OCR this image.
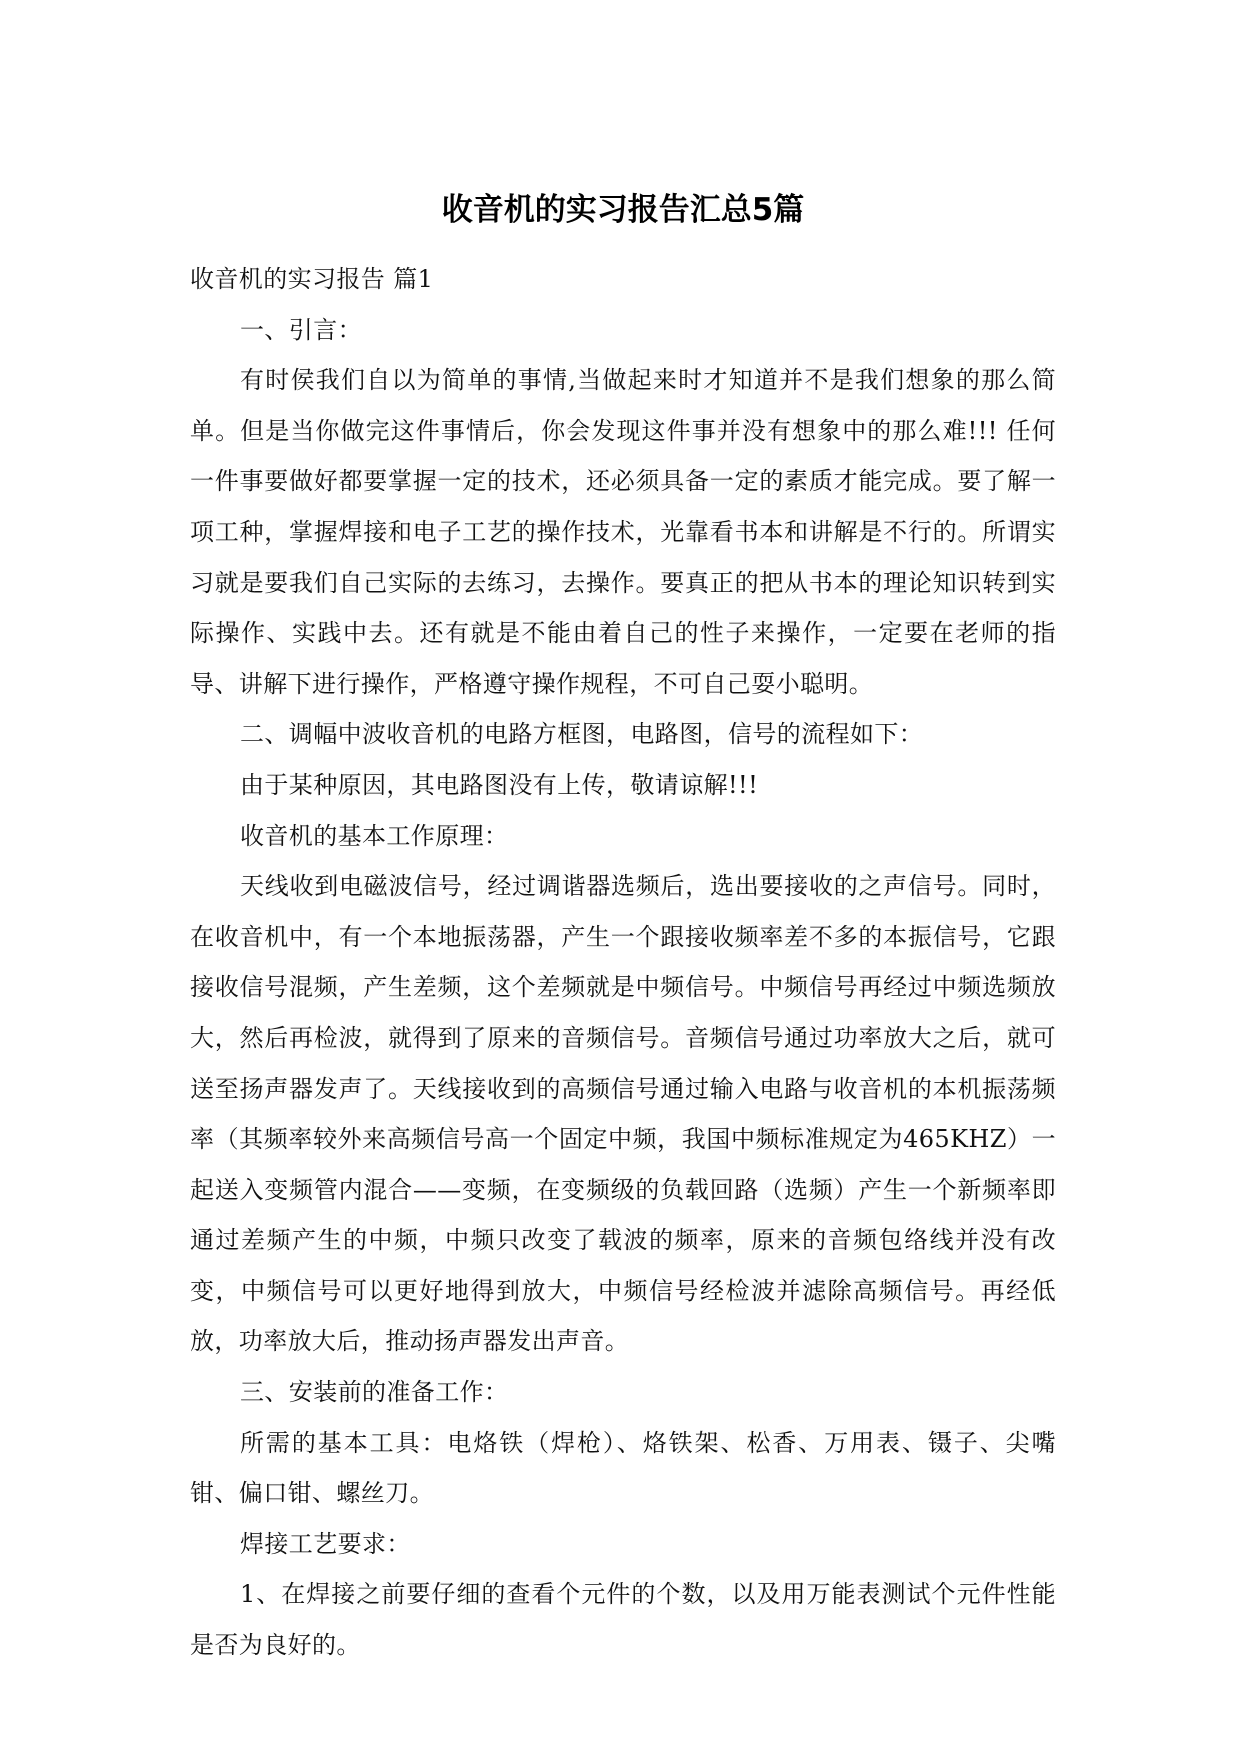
收音机的实习报告汇总5篇

收音机的实习报告 篇1

一、引言：

有时侯我们自以为简单的事情,当做起来时才知道并不是我们想象的那么简单。但是当你做完这件事情后，你会发现这件事并没有想象中的那么难!!! 任何一件事要做好都要掌握一定的技术，还必须具备一定的素质才能完成。要了解一项工种，掌握焊接和电子工艺的操作技术，光靠看书本和讲解是不行的。所谓实习就是要我们自己实际的去练习，去操作。要真正的把从书本的理论知识转到实际操作、实践中去。还有就是不能由着自己的性子来操作，一定要在老师的指导、讲解下进行操作，严格遵守操作规程，不可自己耍小聪明。

二、调幅中波收音机的电路方框图，电路图，信号的流程如下：

由于某种原因，其电路图没有上传，敬请谅解!!!

收音机的基本工作原理：

天线收到电磁波信号，经过调谐器选频后，选出要接收的之声信号。同时，在收音机中，有一个本地振荡器，产生一个跟接收频率差不多的本振信号，它跟接收信号混频，产生差频，这个差频就是中频信号。中频信号再经过中频选频放大，然后再检波，就得到了原来的音频信号。音频信号通过功率放大之后，就可送至扬声器发声了。天线接收到的高频信号通过输入电路与收音机的本机振荡频率（其频率较外来高频信号高一个固定中频，我国中频标准规定为465KHZ）一起送入变频管内混合——变频，在变频级的负载回路（选频）产生一个新频率即通过差频产生的中频，中频只改变了载波的频率，原来的音频包络线并没有改变，中频信号可以更好地得到放大，中频信号经检波并滤除高频信号。再经低放，功率放大后，推动扬声器发出声音。

三、安装前的准备工作：

所需的基本工具：电烙铁（焊枪）、烙铁架、松香、万用表、镊子、尖嘴钳、偏口钳、螺丝刀。

焊接工艺要求：

1、在焊接之前要仔细的查看个元件的个数，以及用万能表测试个元件性能是否为良好的。
